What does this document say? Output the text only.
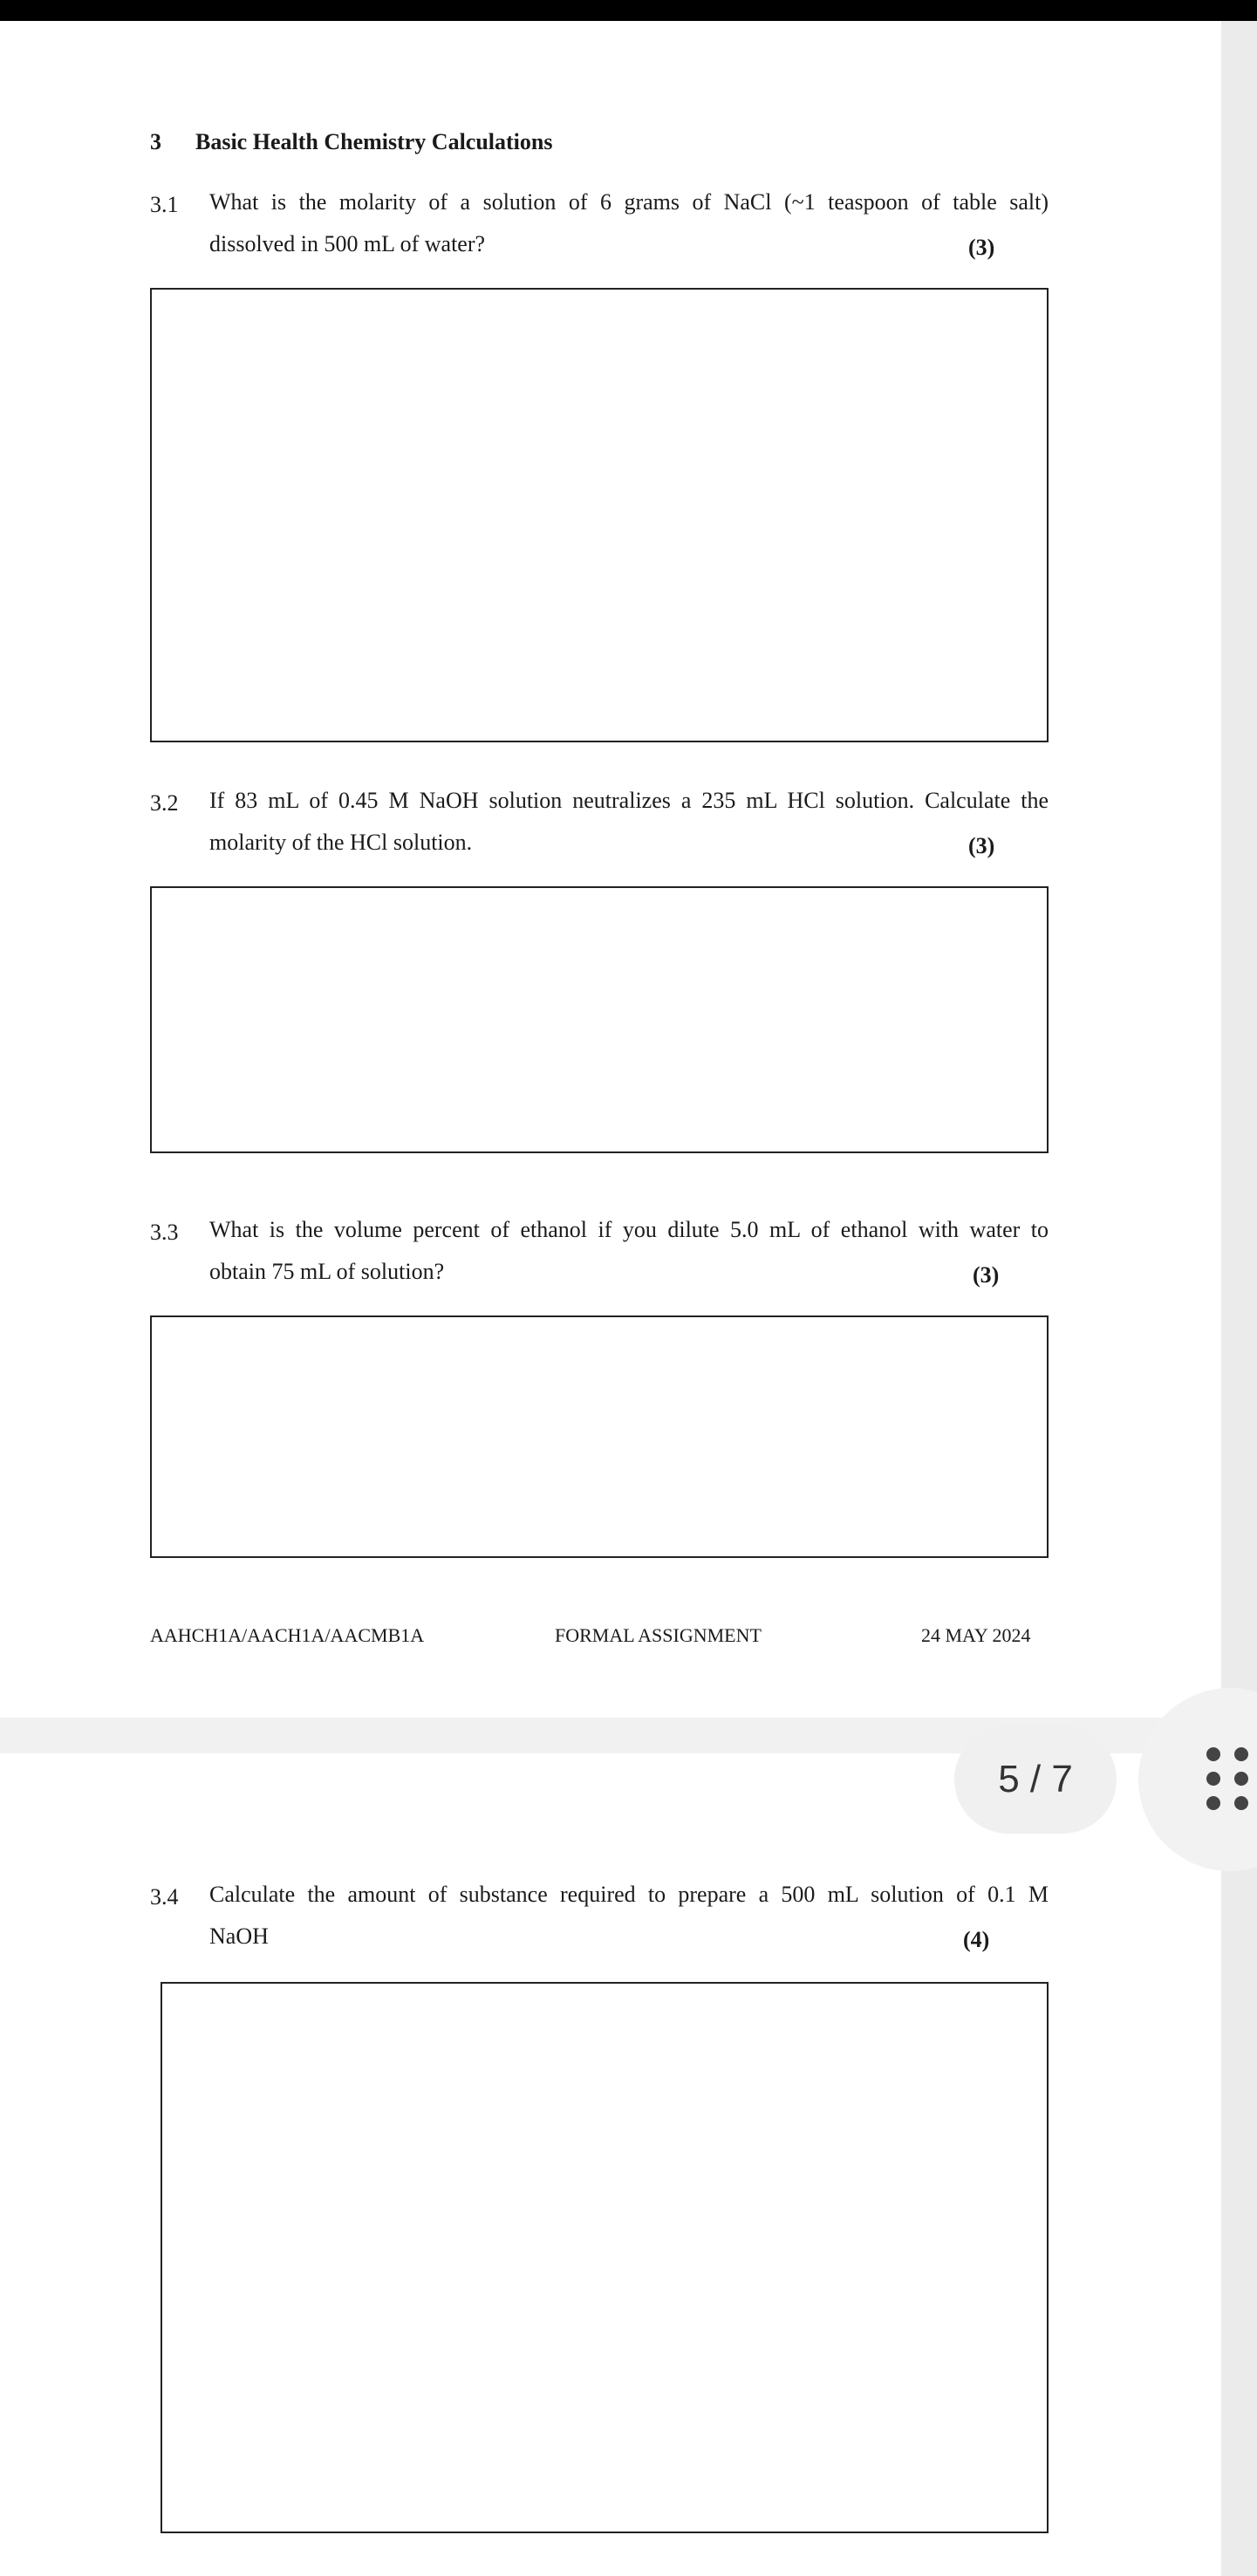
3 Basic Health Chemistry Calculations
3.1 What is the molarity of a solution of 6 grams of NaCl (~1 teaspoon of table salt)
dissolved in 500 mL of water?	(3)
3.2 If 83 mL of 0.45 M NaOH solution neutralizes a 235 mL HCl solution. Calculate the
molarity of the HCl solution.	(3)
3.3 What is the volume percent of ethanol if you dilute 5.0 mL of ethanol with water to
obtain 75 mL of solution?	(3)
AAHCH1A/AACH1A/AACMB1A	FORMAL ASSIGNMENT	24 MAY 2024
3.4 Calculate the amount of substance required to prepare a 500 mL solution of 0.1 M
NaOH	(4)
5 / 7
